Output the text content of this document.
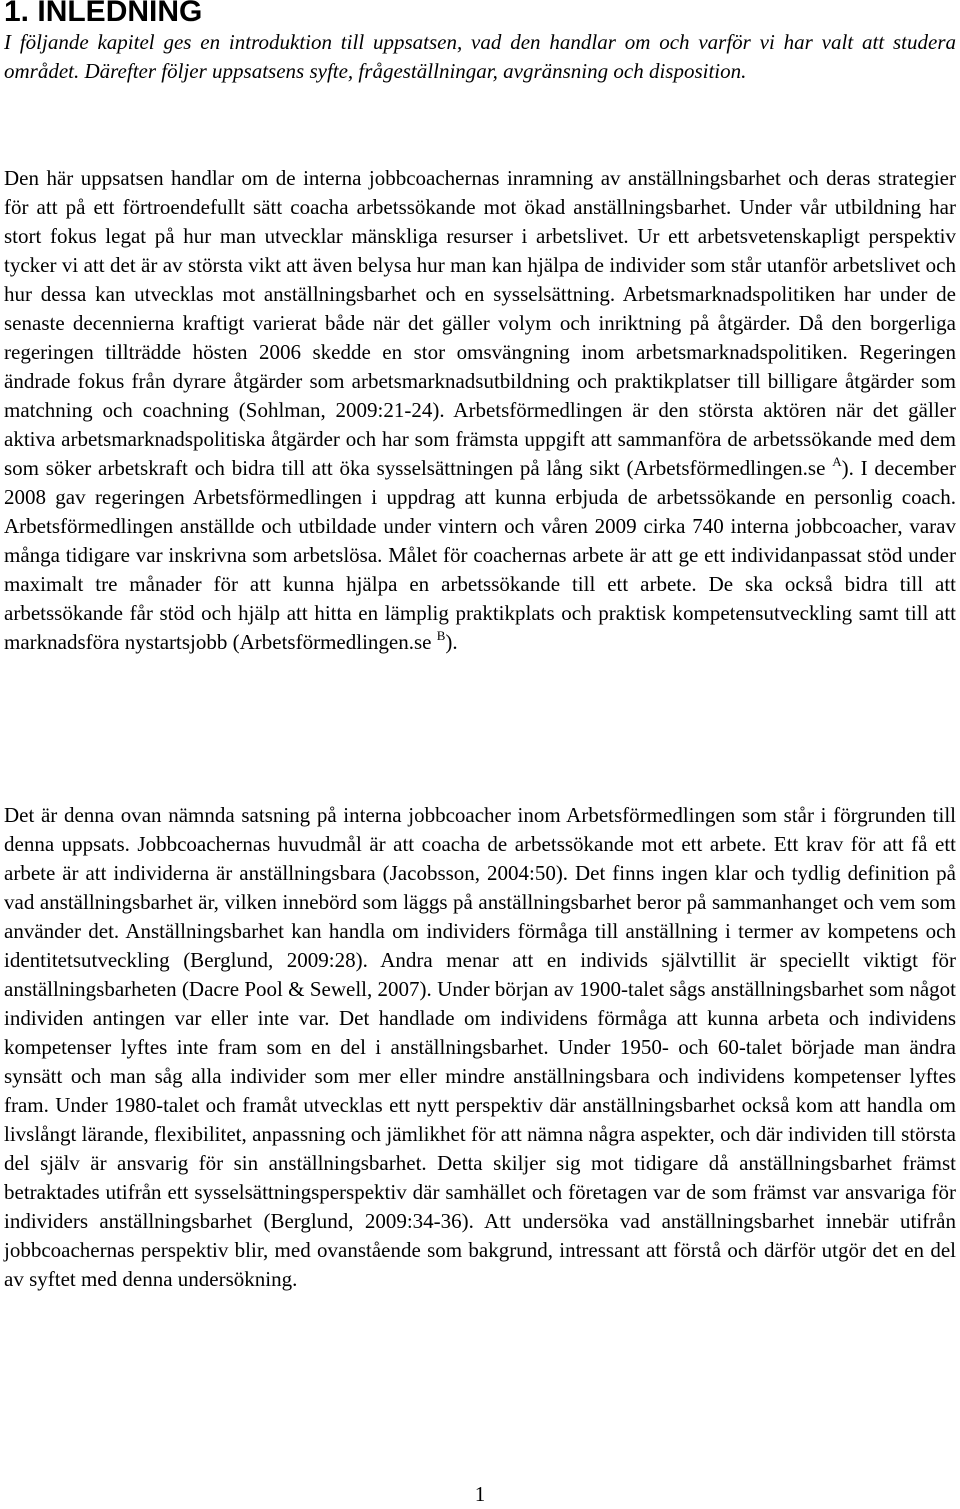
1. INLEDNING

I följande kapitel ges en introduktion till uppsatsen, vad den handlar om och varför vi har valt att studera området. Därefter följer uppsatsens syfte, frågeställningar, avgränsning och disposition.

Den här uppsatsen handlar om de interna jobbcoachernas inramning av anställningsbarhet och deras strategier för att på ett förtroendefullt sätt coacha arbetssökande mot ökad anställningsbarhet. Under vår utbildning har stort fokus legat på hur man utvecklar mänskliga resurser i arbetslivet. Ur ett arbetsvetenskapligt perspektiv tycker vi att det är av största vikt att även belysa hur man kan hjälpa de individer som står utanför arbetslivet och hur dessa kan utvecklas mot anställningsbarhet och en sysselsättning. Arbetsmarknadspolitiken har under de senaste decennierna kraftigt varierat både när det gäller volym och inriktning på åtgärder. Då den borgerliga regeringen tillträdde hösten 2006 skedde en stor omsvängning inom arbetsmarknadspolitiken. Regeringen ändrade fokus från dyrare åtgärder som arbetsmarknadsutbildning och praktikplatser till billigare åtgärder som matchning och coachning (Sohlman, 2009:21-24). Arbetsförmedlingen är den största aktören när det gäller aktiva arbetsmarknadspolitiska åtgärder och har som främsta uppgift att sammanföra de arbetssökande med dem som söker arbetskraft och bidra till att öka sysselsättningen på lång sikt (Arbetsförmedlingen.se $^A$). I december 2008 gav regeringen Arbetsförmedlingen i uppdrag att kunna erbjuda de arbetssökande en personlig coach. Arbetsförmedlingen anställde och utbildade under vintern och våren 2009 cirka 740 interna jobbcoacher, varav många tidigare var inskrivna som arbetslösa. Målet för coachernas arbete är att ge ett individanpassat stöd under maximalt tre månader för att kunna hjälpa en arbetssökande till ett arbete. De ska också bidra till att arbetssökande får stöd och hjälp att hitta en lämplig praktikplats och praktisk kompetensutveckling samt till att marknadsföra nystartsjobb (Arbetsförmedlingen.se $^B$).

Det är denna ovan nämnda satsning på interna jobbcoacher inom Arbetsförmedlingen som står i förgrunden till denna uppsats. Jobbcoachernas huvudmål är att coacha de arbetssökande mot ett arbete. Ett krav för att få ett arbete är att individerna är anställningsbara (Jacobsson, 2004:50). Det finns ingen klar och tydlig definition på vad anställningsbarhet är, vilken innebörd som läggs på anställningsbarhet beror på sammanhanget och vem som använder det. Anställningsbarhet kan handla om individers förmåga till anställning i termer av kompetens och identitetsutveckling (Berglund, 2009:28). Andra menar att en individs självtillit är speciellt viktigt för anställningsbarheten (Dacre Pool & Sewell, 2007). Under början av 1900-talet sågs anställningsbarhet som något individen antingen var eller inte var. Det handlade om individens förmåga att kunna arbeta och individens kompetenser lyftes inte fram som en del i anställningsbarhet. Under 1950- och 60-talet började man ändra synsätt och man såg alla individer som mer eller mindre anställningsbara och individens kompetenser lyftes fram. Under 1980-talet och framåt utvecklas ett nytt perspektiv där anställningsbarhet också kom att handla om livslångt lärande, flexibilitet, anpassning och jämlikhet för att nämna några aspekter, och där individen till största del själv är ansvarig för sin anställningsbarhet. Detta skiljer sig mot tidigare då anställningsbarhet främst betraktades utifrån ett sysselsättningsperspektiv där samhället och företagen var de som främst var ansvariga för individers anställningsbarhet (Berglund, 2009:34-36). Att undersöka vad anställningsbarhet innebär utifrån jobbcoachernas perspektiv blir, med ovanstående som bakgrund, intressant att förstå och därför utgör det en del av syftet med denna undersökning.

1
